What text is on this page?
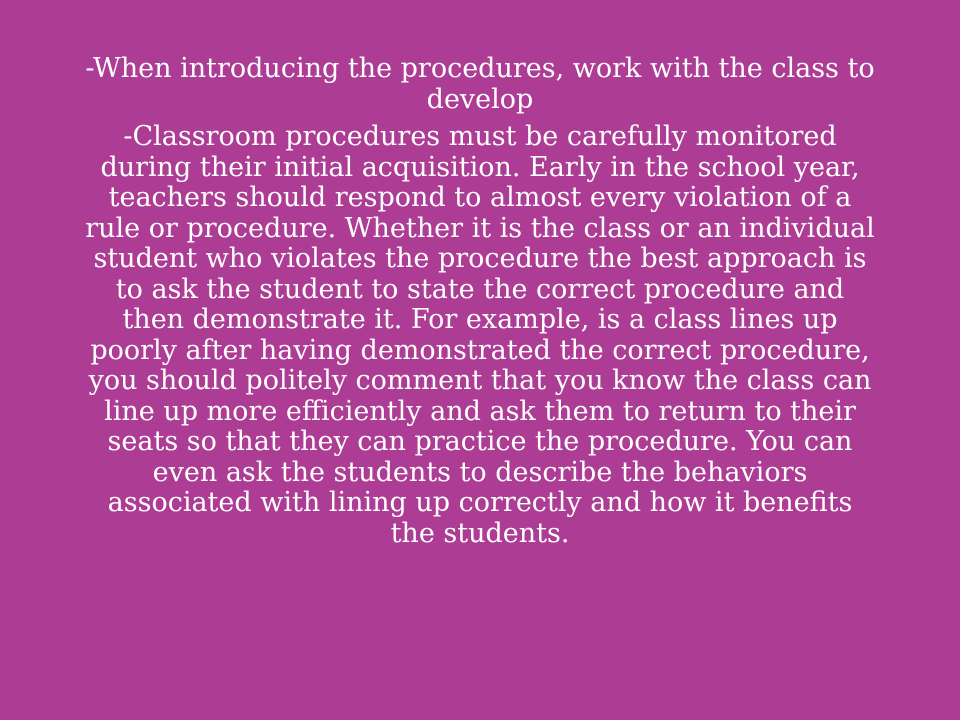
-When introducing the procedures, work with the class to develop

-Classroom procedures must be carefully monitored during their initial acquisition. Early in the school year, teachers should respond to almost every violation of a rule or procedure. Whether it is the class or an individual student who violates the procedure the best approach is to ask the student to state the correct procedure and then demonstrate it. For example, is a class lines up poorly after having demonstrated the correct procedure, you should politely comment that you know the class can line up more efficiently and ask them to return to their seats so that they can practice the procedure. You can even ask the students to describe the behaviors associated with lining up correctly and how it benefits the students.
